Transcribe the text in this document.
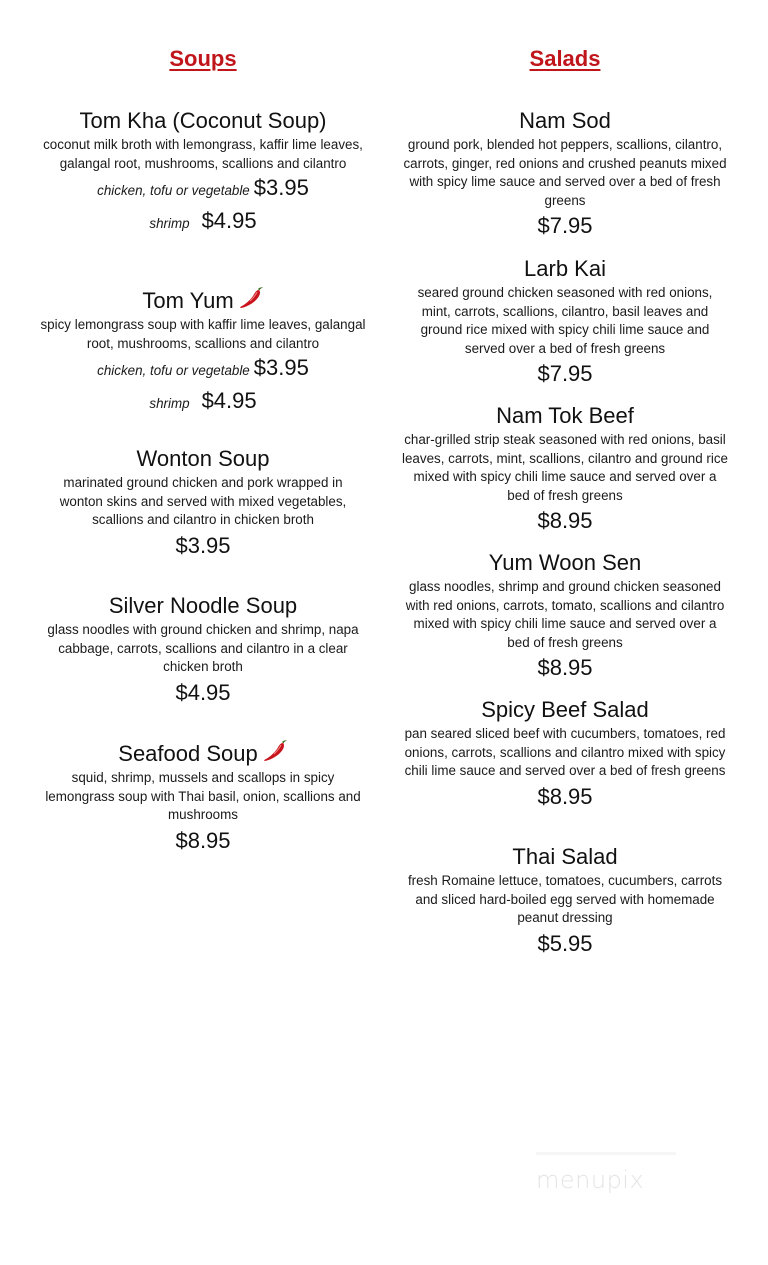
Soups
Tom Kha (Coconut Soup)
coconut milk broth with lemongrass, kaffir lime leaves, galangal root, mushrooms, scallions and cilantro
chicken, tofu or vegetable $3.95
shrimp $4.95
Tom Yum
spicy lemongrass soup with kaffir lime leaves, galangal root, mushrooms, scallions and cilantro
chicken, tofu or vegetable $3.95
shrimp $4.95
Wonton Soup
marinated ground chicken and pork wrapped in wonton skins and served with mixed vegetables, scallions and cilantro in chicken broth
$3.95
Silver Noodle Soup
glass noodles with ground chicken and shrimp, napa cabbage, carrots, scallions and cilantro in a clear chicken broth
$4.95
Seafood Soup
squid, shrimp, mussels and scallops in spicy lemongrass soup with Thai basil, onion, scallions and mushrooms
$8.95
Salads
Nam Sod
ground pork, blended hot peppers, scallions, cilantro, carrots, ginger, red onions and crushed peanuts mixed with spicy lime sauce and served over a bed of fresh greens
$7.95
Larb Kai
seared ground chicken seasoned with red onions, mint, carrots, scallions, cilantro, basil leaves and ground rice mixed with spicy chili lime sauce and served over a bed of fresh greens
$7.95
Nam Tok Beef
char-grilled strip steak seasoned with red onions, basil leaves, carrots, mint, scallions, cilantro and ground rice mixed with spicy chili lime sauce and served over a bed of fresh greens
$8.95
Yum Woon Sen
glass noodles, shrimp and ground chicken seasoned with red onions, carrots, tomato, scallions and cilantro mixed with spicy chili lime sauce and served over a bed of fresh greens
$8.95
Spicy Beef Salad
pan seared sliced beef with cucumbers, tomatoes, red onions, carrots, scallions and cilantro mixed with spicy chili lime sauce and served over a bed of fresh greens
$8.95
Thai Salad
fresh Romaine lettuce, tomatoes, cucumbers, carrots and sliced hard-boiled egg served with homemade peanut dressing
$5.95
menupix
